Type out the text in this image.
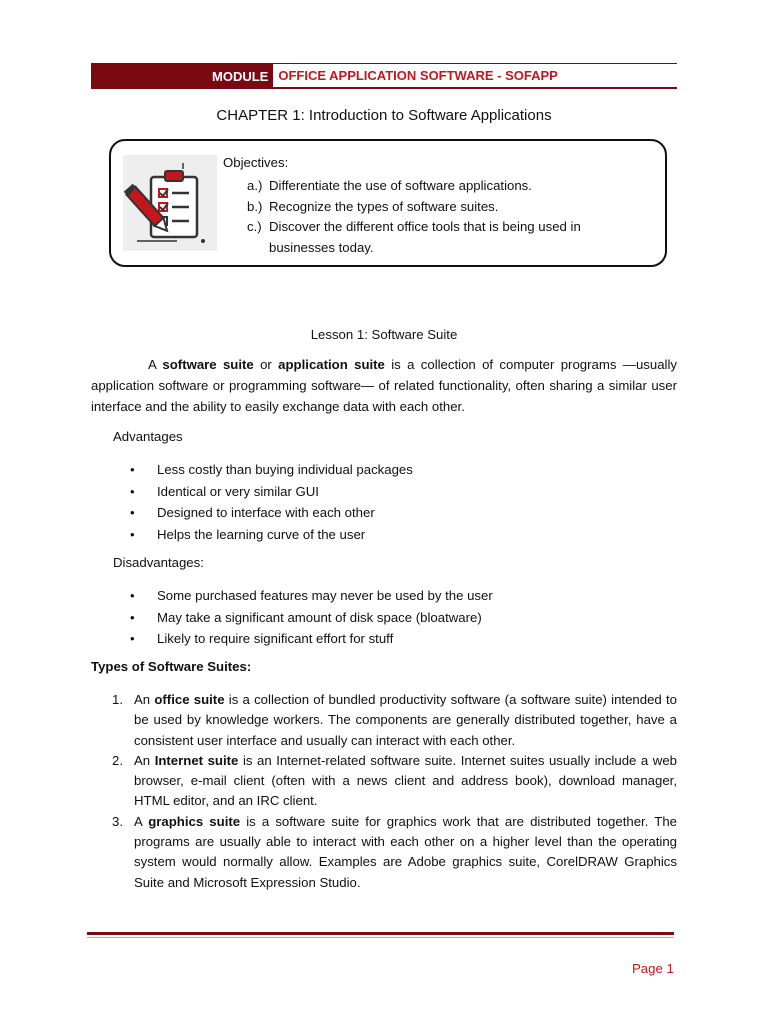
MODULE OFFICE APPLICATION SOFTWARE - SOFAPP
CHAPTER 1: Introduction to Software Applications
Objectives:
a.) Differentiate the use of software applications.
b.) Recognize the types of software suites.
c.) Discover the different office tools that is being used in businesses today.
Lesson 1: Software Suite
A software suite or application suite is a collection of computer programs —usually application software or programming software— of related functionality, often sharing a similar user interface and the ability to easily exchange data with each other.
Advantages
• Less costly than buying individual packages
• Identical or very similar GUI
• Designed to interface with each other
• Helps the learning curve of the user
Disadvantages:
• Some purchased features may never be used by the user
• May take a significant amount of disk space (bloatware)
• Likely to require significant effort for stuff
Types of Software Suites:
1. An office suite is a collection of bundled productivity software (a software suite) intended to be used by knowledge workers. The components are generally distributed together, have a consistent user interface and usually can interact with each other.
2. An Internet suite is an Internet-related software suite. Internet suites usually include a web browser, e-mail client (often with a news client and address book), download manager, HTML editor, and an IRC client.
3. A graphics suite is a software suite for graphics work that are distributed together. The programs are usually able to interact with each other on a higher level than the operating system would normally allow. Examples are Adobe graphics suite, CorelDRAW Graphics Suite and Microsoft Expression Studio.
Page 1
